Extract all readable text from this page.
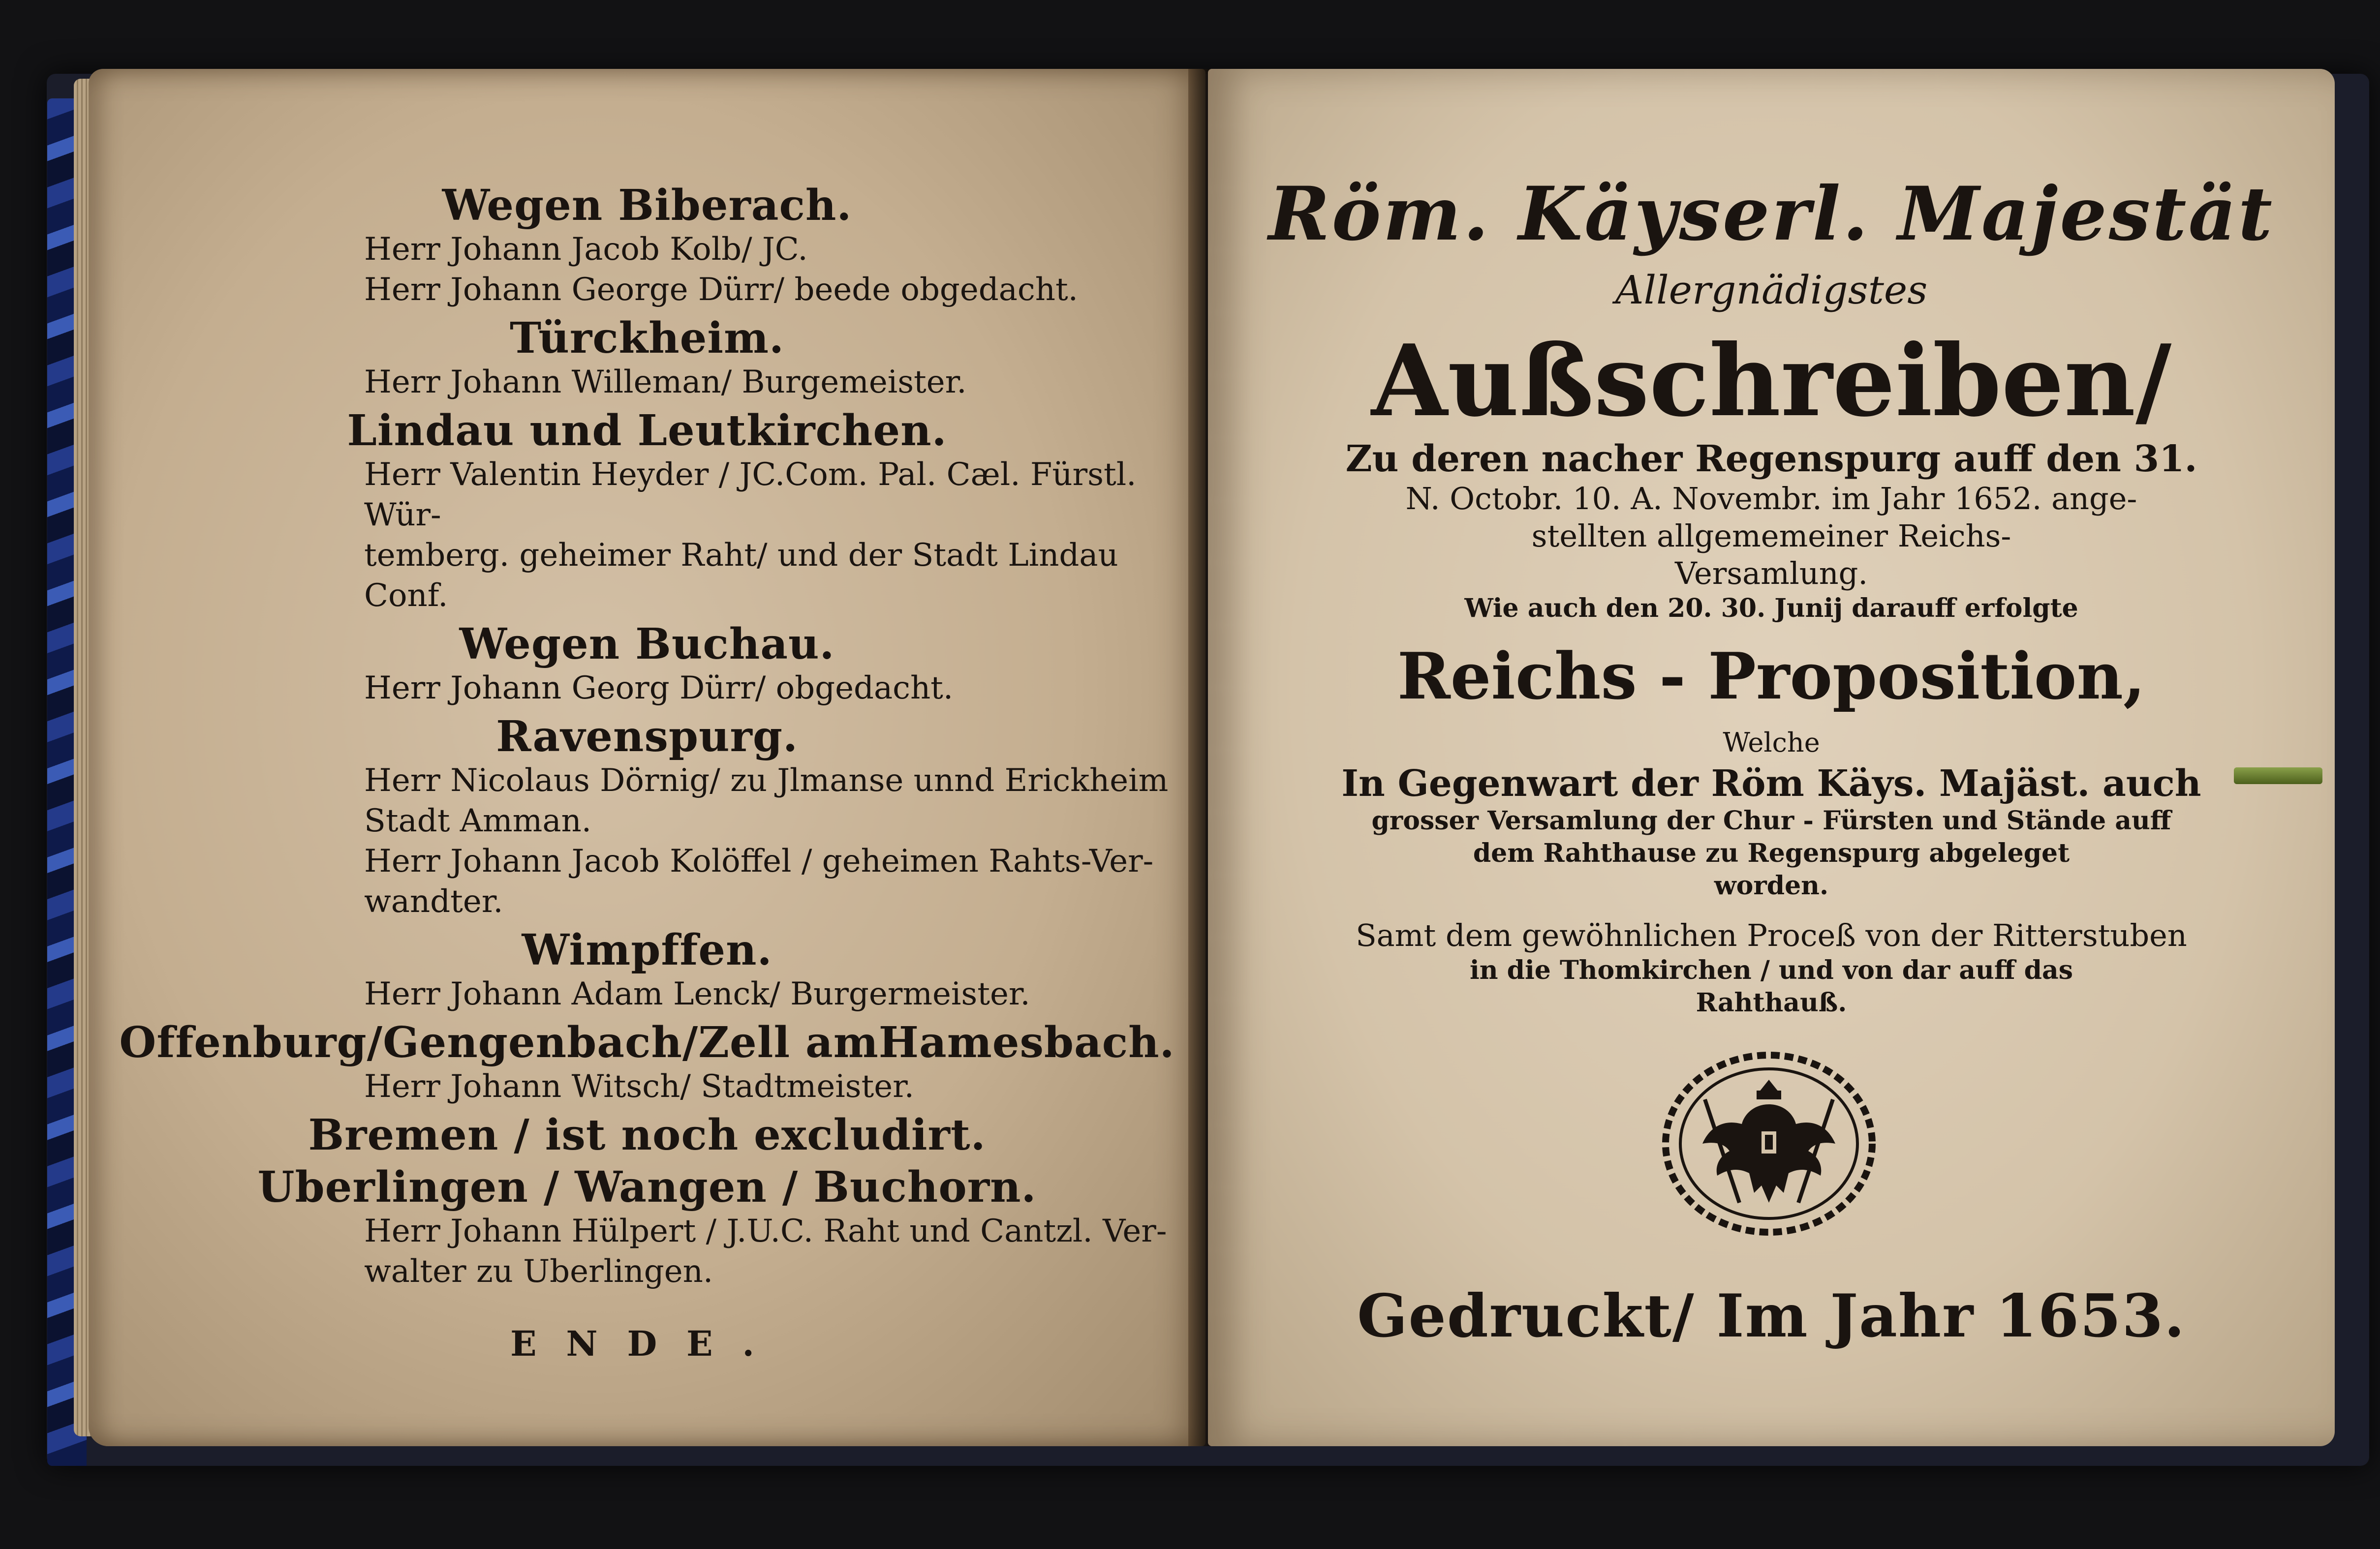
Wegen Biberach.

Herr Johann Jacob Kolb/ JC.

Herr Johann George Dürr/ beede obgedacht.

Türckheim.

Herr Johann Willeman/ Burgemeister.

Lindau und Leutkirchen.

Herr Valentin Heyder / JC.Com. Pal. Cæl. Fürstl. Wür-

temberg. geheimer Raht/ und der Stadt Lindau Conf.

Wegen Buchau.

Herr Johann Georg Dürr/ obgedacht.

Ravenspurg.

Herr Nicolaus Dörnig/ zu Jlmanse unnd Erickheim

Stadt Amman.

Herr Johann Jacob Kolöffel / geheimen Rahts-Ver-

wandter.

Wimpffen.

Herr Johann Adam Lenck/ Burgermeister.

Offenburg/Gengenbach/Zell amHamesbach.

Herr Johann Witsch/ Stadtmeister.

Bremen / ist noch excludirt.

Uberlingen / Wangen / Buchorn.

Herr Johann Hülpert / J.U.C. Raht und Cantzl. Ver-

walter zu Uberlingen.

ENDE.

Röm. Käyserl. Majestät

Allergnädigstes

Außschreiben/

Zu deren nacher Regenspurg auff den 31.

N. Octobr. 10. A. Novembr. im Jahr 1652. ange-

stellten allgememeiner Reichs-

Versamlung.

Wie auch den 20. 30. Junij darauff erfolgte

Reichs - Proposition,

Welche

In Gegenwart der Röm Käys. Majäst. auch

grosser Versamlung der Chur - Fürsten und Stände auff

dem Rahthause zu Regenspurg abgeleget

worden.

Samt dem gewöhnlichen Proceß von der Ritterstuben

in die Thomkirchen / und von dar auff das

Rahthauß.

Gedruckt/ Im Jahr 1653.
